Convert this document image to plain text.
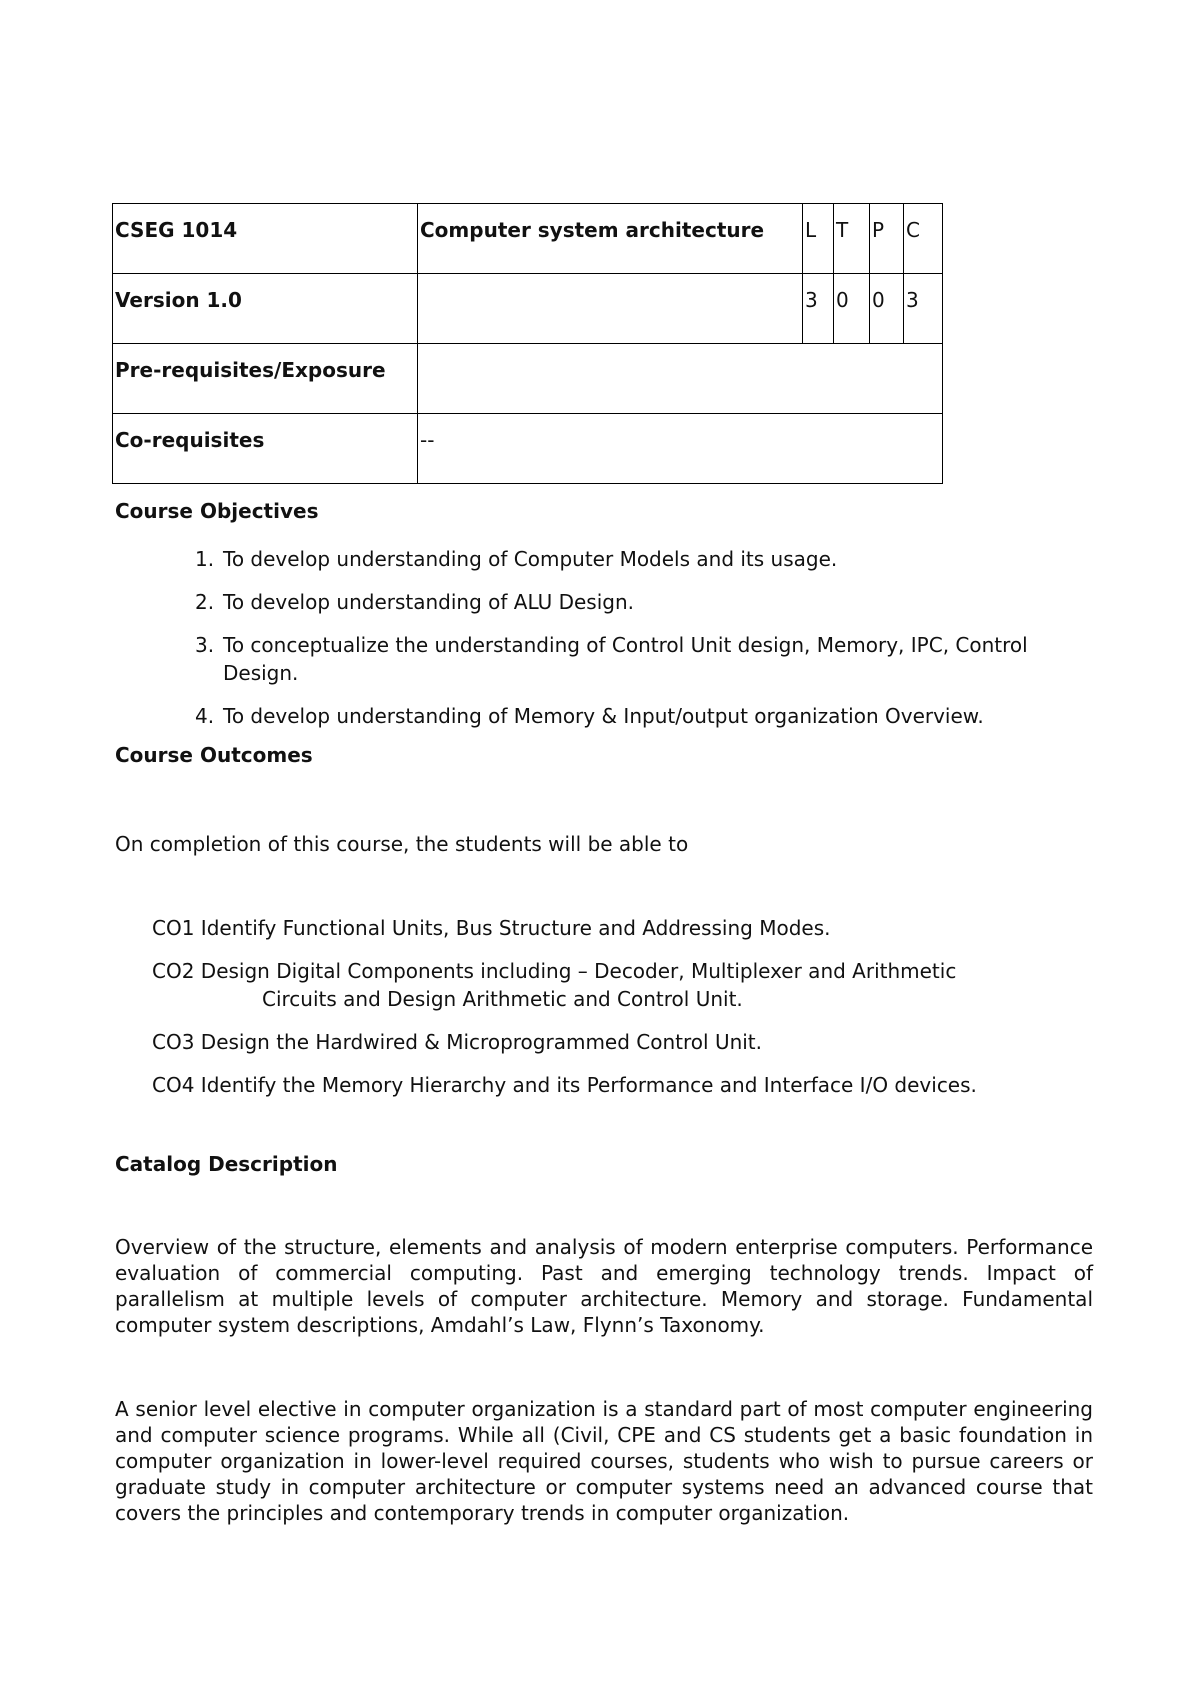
CSEG 1014	Computer system architecture	L	T	P	C
Version 1.0		3	0	0	3
Pre-requisites/Exposure					
Co-requisites	--				
Course Objectives
1. To develop understanding of Computer Models and its usage.
2. To develop understanding of ALU Design.
3. To conceptualize the understanding of Control Unit design, Memory, IPC, Control Design.
4. To develop understanding of Memory & Input/output organization Overview.
Course Outcomes

On completion of this course, the students will be able to

CO1 Identify Functional Units, Bus Structure and Addressing Modes.
CO2 Design Digital Components including – Decoder, Multiplexer and Arithmetic
Circuits and Design Arithmetic and Control Unit.
CO3 Design the Hardwired & Microprogrammed Control Unit.
CO4 Identify the Memory Hierarchy and its Performance and Interface I/O devices.
Catalog Description

Overview of the structure, elements and analysis of modern enterprise computers. Performance evaluation of commercial computing. Past and emerging technology trends. Impact of parallelism at multiple levels of computer architecture. Memory and storage. Fundamental computer system descriptions, Amdahl’s Law, Flynn’s Taxonomy.

A senior level elective in computer organization is a standard part of most computer engineering and computer science programs. While all (Civil, CPE and CS students get a basic foundation in computer organization in lower-level required courses, students who wish to pursue careers or graduate study in computer architecture or computer systems need an advanced course that covers the principles and contemporary trends in computer organization.
